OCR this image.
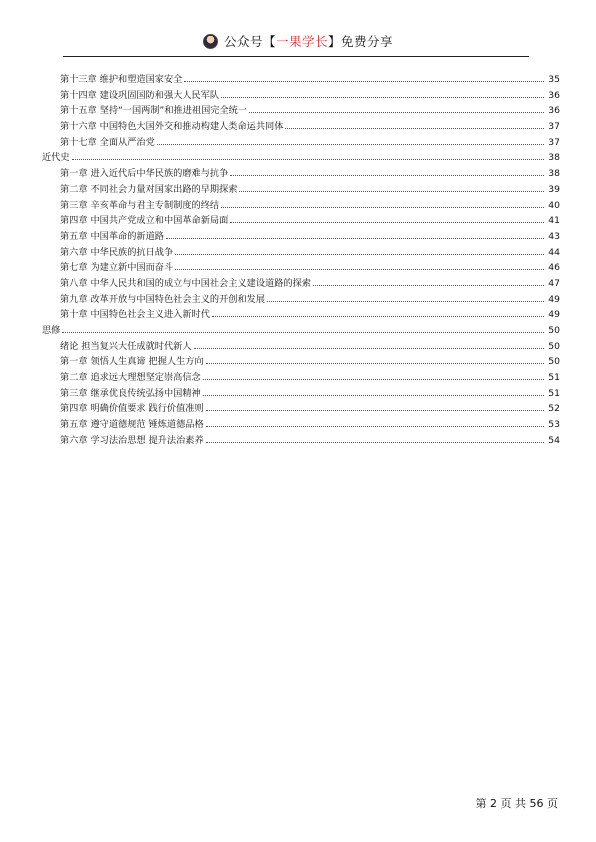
公众号【一果学长】免费分享
第十三章 维护和塑造国家安全	35
第十四章 建设巩固国防和强大人民军队	36
第十五章 坚持“一国两制”和推进祖国完全统一	36
第十六章 中国特色大国外交和推动构建人类命运共同体	37
第十七章 全面从严治党	37
近代史	38
第一章 进入近代后中华民族的磨难与抗争	38
第二章 不同社会力量对国家出路的早期探索	39
第三章 辛亥革命与君主专制制度的终结	40
第四章 中国共产党成立和中国革命新局面	41
第五章 中国革命的新道路	43
第六章 中华民族的抗日战争	44
第七章 为建立新中国而奋斗	46
第八章 中华人民共和国的成立与中国社会主义建设道路的探索	47
第九章 改革开放与中国特色社会主义的开创和发展	49
第十章 中国特色社会主义进入新时代	49
思修	50
绪论 担当复兴大任成就时代新人	50
第一章 领悟人生真谛 把握人生方向	50
第二章 追求远大理想坚定崇高信念	51
第三章 继承优良传统弘扬中国精神	51
第四章 明确价值要求 践行价值准则	52
第五章 遵守道德规范 锤炼道德品格	53
第六章 学习法治思想 提升法治素养	54
第 2 页 共 56 页
